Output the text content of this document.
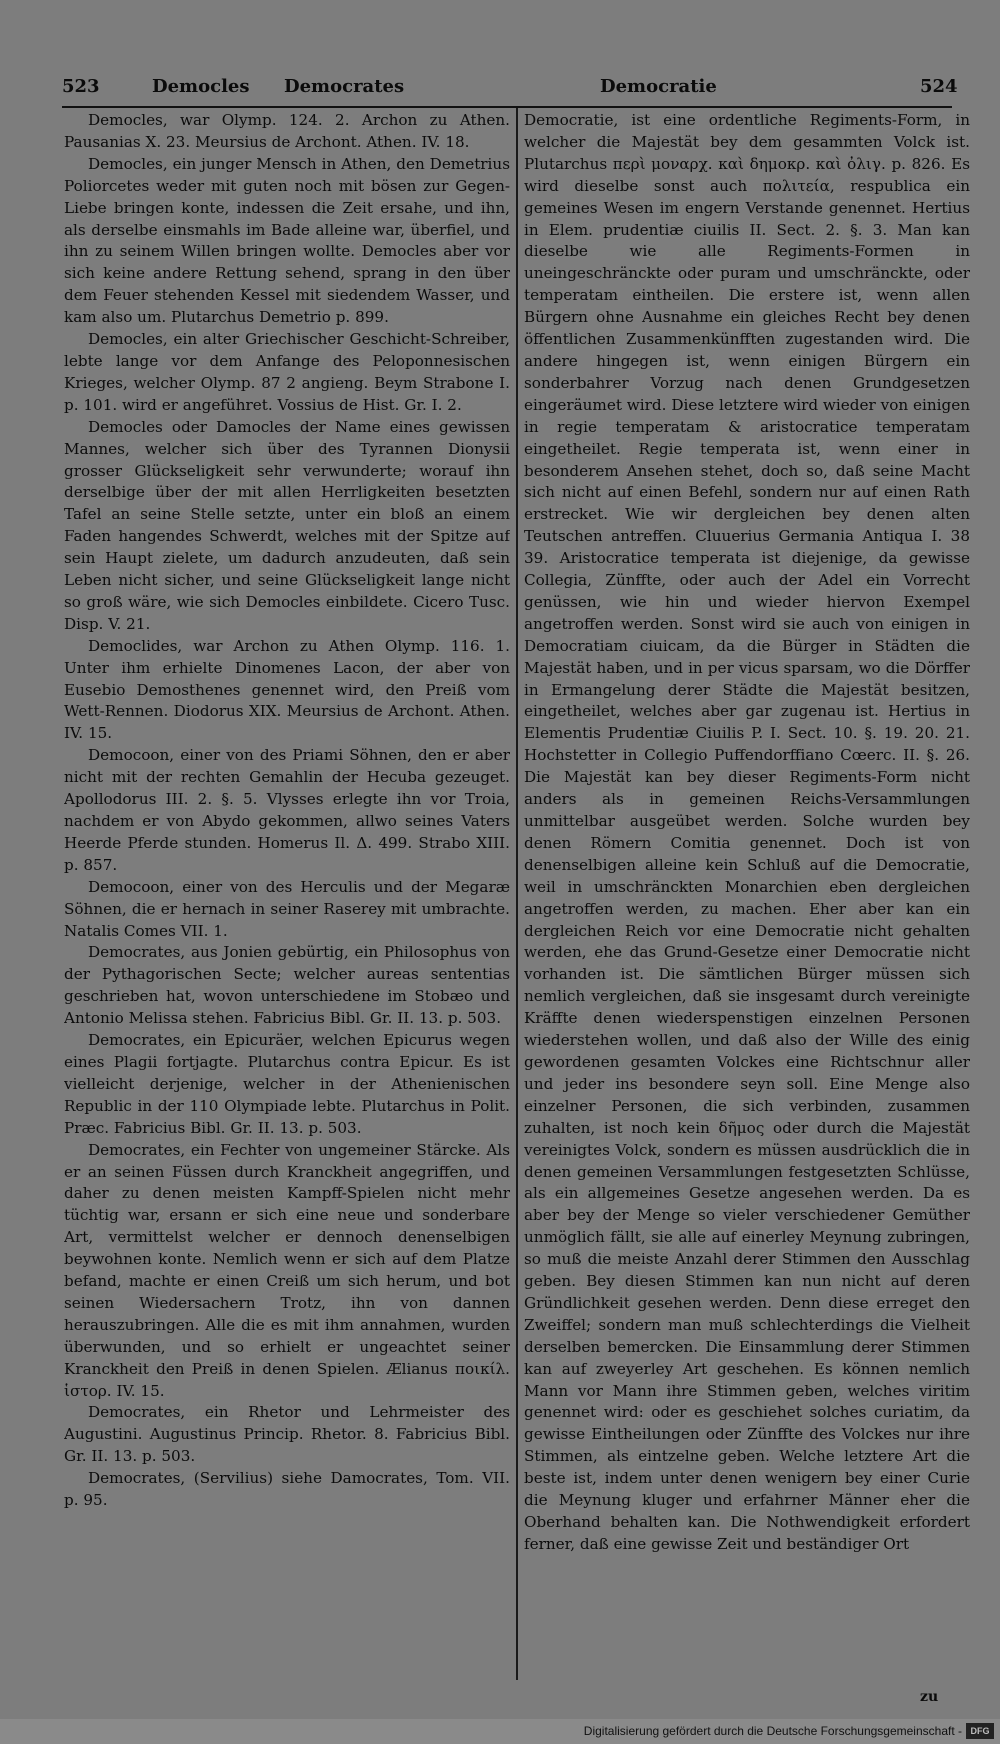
523	Democles Democrates	Democratie	524

Democles, war Olymp. 124. 2. Archon zu Athen. Pausanias X. 23. Meursius de Archont. Athen. IV. 18.

Democles, ein junger Mensch in Athen, den Demetrius Poliorcetes weder mit guten noch mit bösen zur Gegen-Liebe bringen konte, indessen die Zeit ersahe, und ihn, als derselbe einsmahls im Bade alleine war, überfiel, und ihn zu seinem Willen bringen wollte. Democles aber vor sich keine andere Rettung sehend, sprang in den über dem Feuer stehenden Kessel mit siedendem Wasser, und kam also um. Plutarchus Demetrio p. 899.

Democles, ein alter Griechischer Geschicht-Schreiber, lebte lange vor dem Anfange des Peloponnesischen Krieges, welcher Olymp. 87 2 angieng. Beym Strabone I. p. 101. wird er angeführet. Vossius de Hist. Gr. I. 2.

Democles oder Damocles der Name eines gewissen Mannes, welcher sich über des Tyrannen Dionysii grosser Glückseligkeit sehr verwunderte; worauf ihn derselbige über der mit allen Herrligkeiten besetzten Tafel an seine Stelle setzte, unter ein bloß an einem Faden hangendes Schwerdt, welches mit der Spitze auf sein Haupt zielete, um dadurch anzudeuten, daß sein Leben nicht sicher, und seine Glückseligkeit lange nicht so groß wäre, wie sich Democles einbildete. Cicero Tusc. Disp. V. 21.

Democlides, war Archon zu Athen Olymp. 116. 1. Unter ihm erhielte Dinomenes Lacon, der aber von Eusebio Demosthenes genennet wird, den Preiß vom Wett-Rennen. Diodorus XIX. Meursius de Archont. Athen. IV. 15.

Democoon, einer von des Priami Söhnen, den er aber nicht mit der rechten Gemahlin der Hecuba gezeuget. Apollodorus III. 2. §. 5. Vlysses erlegte ihn vor Troia, nachdem er von Abydo gekommen, allwo seines Vaters Heerde Pferde stunden. Homerus Il. Δ. 499. Strabo XIII. p. 857.

Democoon, einer von des Herculis und der Megaræ Söhnen, die er hernach in seiner Raserey mit umbrachte. Natalis Comes VII. 1.

Democrates, aus Jonien gebürtig, ein Philosophus von der Pythagorischen Secte; welcher aureas sententias geschrieben hat, wovon unterschiedene im Stobæo und Antonio Melissa stehen. Fabricius Bibl. Gr. II. 13. p. 503.

Democrates, ein Epicuräer, welchen Epicurus wegen eines Plagii fortjagte. Plutarchus contra Epicur. Es ist vielleicht derjenige, welcher in der Athenienischen Republic in der 110 Olympiade lebte. Plutarchus in Polit. Præc. Fabricius Bibl. Gr. II. 13. p. 503.

Democrates, ein Fechter von ungemeiner Stärcke. Als er an seinen Füssen durch Kranckheit angegriffen, und daher zu denen meisten Kampff-Spielen nicht mehr tüchtig war, ersann er sich eine neue und sonderbare Art, vermittelst welcher er dennoch denenselbigen beywohnen konte. Nemlich wenn er sich auf dem Platze befand, machte er einen Creiß um sich herum, und bot seinen Wiedersachern Trotz, ihn von dannen herauszubringen. Alle die es mit ihm annahmen, wurden überwunden, und so erhielt er ungeachtet seiner Kranckheit den Preiß in denen Spielen. Ælianus ποικίλ. ἱστορ. IV. 15.

Democrates, ein Rhetor und Lehrmeister des Augustini. Augustinus Princip. Rhetor. 8. Fabricius Bibl. Gr. II. 13. p. 503.

Democrates, (Servilius) siehe Damocrates, Tom. VII. p. 95.

Democratie, ist eine ordentliche Regiments-Form, in welcher die Majestät bey dem gesammten Volck ist. Plutarchus περὶ μοναρχ. καὶ δημοκρ. καὶ ὀλιγ. p. 826. Es wird dieselbe sonst auch πολιτεία, respublica ein gemeines Wesen im engern Verstande genennet. Hertius in Elem. prudentiæ ciuilis II. Sect. 2. §. 3. Man kan dieselbe wie alle Regiments-Formen in uneingeschränckte oder puram und umschränckte, oder temperatam eintheilen. Die erstere ist, wenn allen Bürgern ohne Ausnahme ein gleiches Recht bey denen öffentlichen Zusammenkünfften zugestanden wird. Die andere hingegen ist, wenn einigen Bürgern ein sonderbahrer Vorzug nach denen Grundgesetzen eingeräumet wird. Diese letztere wird wieder von einigen in regie temperatam & aristocratice temperatam eingetheilet. Regie temperata ist, wenn einer in besonderem Ansehen stehet, doch so, daß seine Macht sich nicht auf einen Befehl, sondern nur auf einen Rath erstrecket. Wie wir dergleichen bey denen alten Teutschen antreffen. Cluuerius Germania Antiqua I. 38 39. Aristocratice temperata ist diejenige, da gewisse Collegia, Zünffte, oder auch der Adel ein Vorrecht genüssen, wie hin und wieder hiervon Exempel angetroffen werden. Sonst wird sie auch von einigen in Democratiam ciuicam, da die Bürger in Städten die Majestät haben, und in per vicus sparsam, wo die Dörffer in Ermangelung derer Städte die Majestät besitzen, eingetheilet, welches aber gar zugenau ist. Hertius in Elementis Prudentiæ Ciuilis P. I. Sect. 10. §. 19. 20. 21. Hochstetter in Collegio Puffendorffiano Cœerc. II. §. 26. Die Majestät kan bey dieser Regiments-Form nicht anders als in gemeinen Reichs-Versammlungen unmittelbar ausgeübet werden. Solche wurden bey denen Römern Comitia genennet. Doch ist von denenselbigen alleine kein Schluß auf die Democratie, weil in umschränckten Monarchien eben dergleichen angetroffen werden, zu machen. Eher aber kan ein dergleichen Reich vor eine Democratie nicht gehalten werden, ehe das Grund-Gesetze einer Democratie nicht vorhanden ist. Die sämtlichen Bürger müssen sich nemlich vergleichen, daß sie insgesamt durch vereinigte Kräffte denen wiederspenstigen einzelnen Personen wiederstehen wollen, und daß also der Wille des einig gewordenen gesamten Volckes eine Richtschnur aller und jeder ins besondere seyn soll. Eine Menge also einzelner Personen, die sich verbinden, zusammen zuhalten, ist noch kein δῆμος oder durch die Majestät vereinigtes Volck, sondern es müssen ausdrücklich die in denen gemeinen Versammlungen festgesetzten Schlüsse, als ein allgemeines Gesetze angesehen werden. Da es aber bey der Menge so vieler verschiedener Gemüther unmöglich fällt, sie alle auf einerley Meynung zubringen, so muß die meiste Anzahl derer Stimmen den Ausschlag geben. Bey diesen Stimmen kan nun nicht auf deren Gründlichkeit gesehen werden. Denn diese erreget den Zweiffel; sondern man muß schlechterdings die Vielheit derselben bemercken. Die Einsammlung derer Stimmen kan auf zweyerley Art geschehen. Es können nemlich Mann vor Mann ihre Stimmen geben, welches viritim genennet wird: oder es geschiehet solches curiatim, da gewisse Eintheilungen oder Zünffte des Volckes nur ihre Stimmen, als eintzelne geben. Welche letztere Art die beste ist, indem unter denen wenigern bey einer Curie die Meynung kluger und erfahrner Männer eher die Oberhand behalten kan. Die Nothwendigkeit erfordert ferner, daß eine gewisse Zeit und beständiger Ort

zu
Digitalisierung gefördert durch die Deutsche Forschungsgemeinschaft - DFG
